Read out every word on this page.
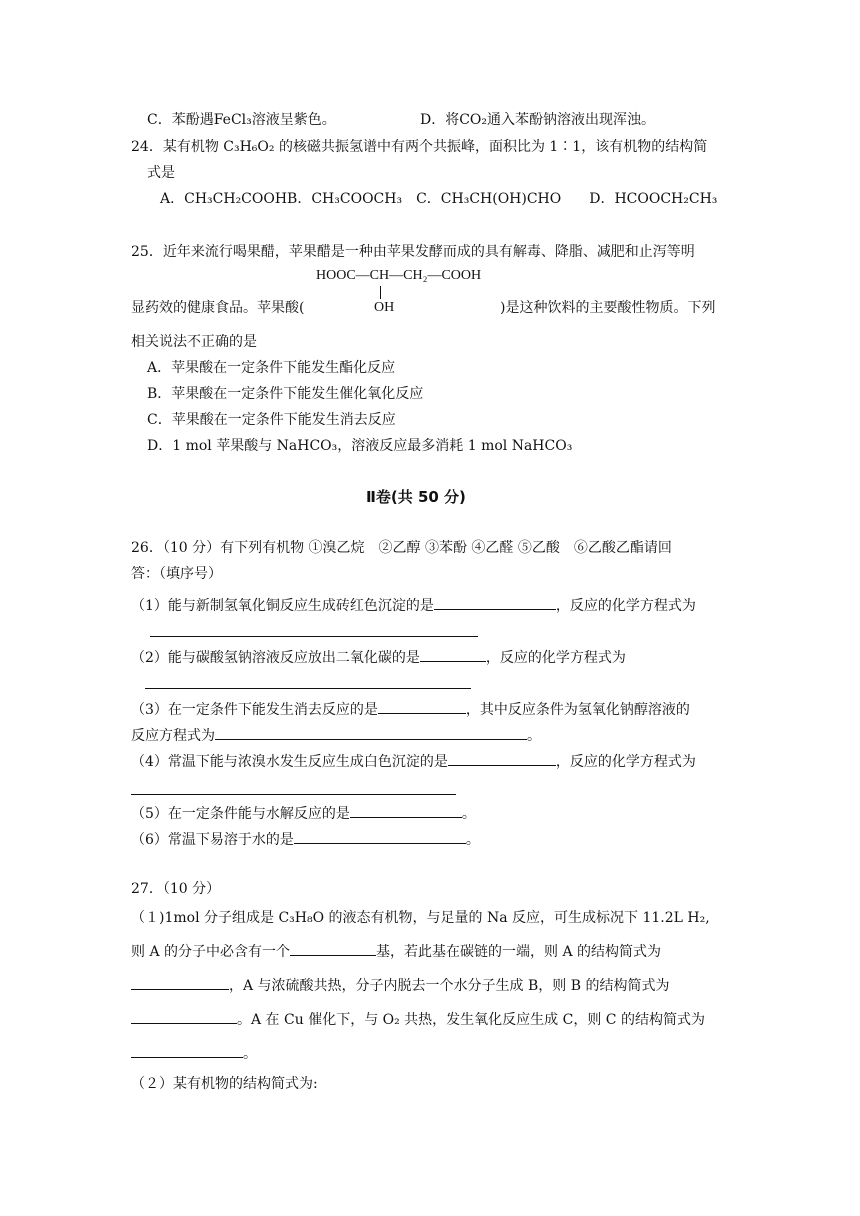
C．苯酚遇FeCl₃溶液呈紫色。	D．将CO₂通入苯酚钠溶液出现浑浊。
24．某有机物 C₃H₆O₂ 的核磁共振氢谱中有两个共振峰，面积比为 1∶1，该有机物的结构简
式是
A．CH₃CH₂COOHB．CH₃COOCH₃　C．CH₃CH(OH)CHO　　D．HCOOCH₂CH₃
25．近年来流行喝果醋，苹果醋是一种由苹果发酵而成的具有解毒、降脂、减肥和止泻等明
HOOC—CH—CH₂—COOH
OH
显药效的健康食品。苹果酸(	)是这种饮料的主要酸性物质。下列
相关说法不正确的是
A．苹果酸在一定条件下能发生酯化反应
B．苹果酸在一定条件下能发生催化氧化反应
C．苹果酸在一定条件下能发生消去反应
D．1 mol 苹果酸与 NaHCO₃，溶液反应最多消耗 1 mol NaHCO₃
Ⅱ卷(共 50 分)
26．（10 分）有下列有机物 ①溴乙烷　②乙醇 ③苯酚 ④乙醛 ⑤乙酸　⑥乙酸乙酯请回
答：（填序号）
（1）能与新制氢氧化铜反应生成砖红色沉淀的是	，反应的化学方程式为
（2）能与碳酸氢钠溶液反应放出二氧化碳的是	，反应的化学方程式为
（3）在一定条件下能发生消去反应的是	，其中反应条件为氢氧化钠醇溶液的
反应方程式为	。
（4）常温下能与浓溴水发生反应生成白色沉淀的是	，反应的化学方程式为
（5）在一定条件能与水解反应的是	。
（6）常温下易溶于水的是	。
27．（10 分）
（１)1mol 分子组成是 C₃H₈O 的液态有机物，与足量的 Na 反应，可生成标况下 11.2L H₂,
则 A 的分子中必含有一个	基，若此基在碳链的一端，则 A 的结构简式为
，A 与浓硫酸共热，分子内脱去一个水分子生成 B，则 B 的结构简式为
。A 在 Cu 催化下，与 O₂ 共热，发生氧化反应生成 C，则 C 的结构简式为
。
（２）某有机物的结构简式为:
